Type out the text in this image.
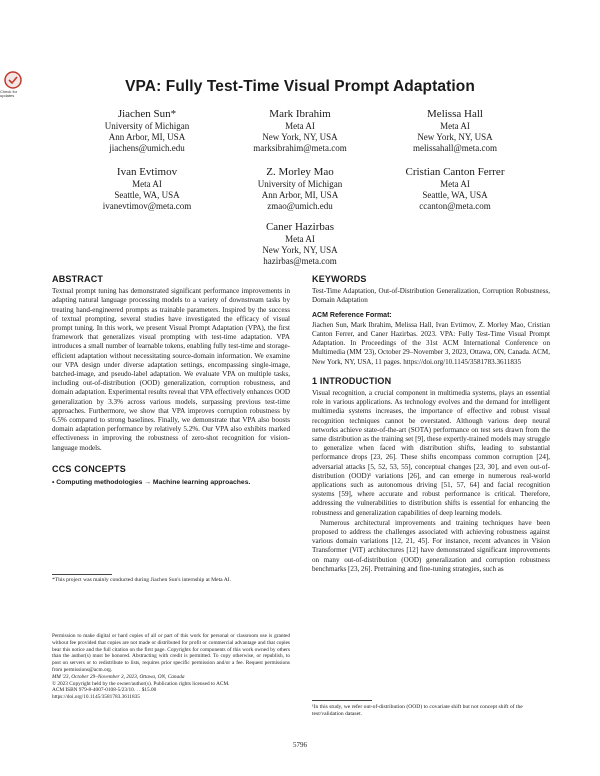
Check for updates
VPA: Fully Test-Time Visual Prompt Adaptation
Jiachen Sun*
University of Michigan
Ann Arbor, MI, USA
jiachens@umich.edu
Mark Ibrahim
Meta AI
New York, NY, USA
marksibrahim@meta.com
Melissa Hall
Meta AI
New York, NY, USA
melissahall@meta.com
Ivan Evtimov
Meta AI
Seattle, WA, USA
ivanevtimov@meta.com
Z. Morley Mao
University of Michigan
Ann Arbor, MI, USA
zmao@umich.edu
Cristian Canton Ferrer
Meta AI
Seattle, WA, USA
ccanton@meta.com
Caner Hazirbas
Meta AI
New York, NY, USA
hazirbas@meta.com
ABSTRACT

Textual prompt tuning has demonstrated significant performance improvements in adapting natural language processing models to a variety of downstream tasks by treating hand-engineered prompts as trainable parameters. Inspired by the success of textual prompting, several studies have investigated the efficacy of visual prompt tuning. In this work, we present Visual Prompt Adaptation (VPA), the first framework that generalizes visual prompting with test-time adaptation. VPA introduces a small number of learnable tokens, enabling fully test-time and storage-efficient adaptation without necessitating source-domain information. We examine our VPA design under diverse adaptation settings, encompassing single-image, batched-image, and pseudo-label adaptation. We evaluate VPA on multiple tasks, including out-of-distribution (OOD) generalization, corruption robustness, and domain adaptation. Experimental results reveal that VPA effectively enhances OOD generalization by 3.3% across various models, surpassing previous test-time approaches. Furthermore, we show that VPA improves corruption robustness by 6.5% compared to strong baselines. Finally, we demonstrate that VPA also boosts domain adaptation performance by relatively 5.2%. Our VPA also exhibits marked effectiveness in improving the robustness of zero-shot recognition for vision-language models.

CCS CONCEPTS

• Computing methodologies → Machine learning approaches.

*This project was mainly conducted during Jiachen Sun's internship at Meta AI.
Permission to make digital or hard copies of all or part of this work for personal or classroom use is granted without fee provided that copies are not made or distributed for profit or commercial advantage and that copies bear this notice and the full citation on the first page. Copyrights for components of this work owned by others than the author(s) must be honored. Abstracting with credit is permitted. To copy otherwise, or republish, to post on servers or to redistribute to lists, requires prior specific permission and/or a fee. Request permissions from permissions@acm.org.
MM '23, October 29–November 3, 2023, Ottawa, ON, Canada
© 2023 Copyright held by the owner/author(s). Publication rights licensed to ACM.
ACM ISBN 979-8-4007-0108-5/23/10. . . $15.00
https://doi.org/10.1145/3581783.3611835
KEYWORDS

Test-Time Adaptation, Out-of-Distribution Generalization, Corruption Robustness, Domain Adaptation

ACM Reference Format:

Jiachen Sun, Mark Ibrahim, Melissa Hall, Ivan Evtimov, Z. Morley Mao, Cristian Canton Ferrer, and Caner Hazirbas. 2023. VPA: Fully Test-Time Visual Prompt Adaptation. In Proceedings of the 31st ACM International Conference on Multimedia (MM '23), October 29–November 3, 2023, Ottawa, ON, Canada. ACM, New York, NY, USA, 11 pages. https://doi.org/10.1145/3581783.3611835

1 INTRODUCTION

Visual recognition, a crucial component in multimedia systems, plays an essential role in various applications. As technology evolves and the demand for intelligent multimedia systems increases, the importance of effective and robust visual recognition techniques cannot be overstated. Although various deep neural networks achieve state-of-the-art (SOTA) performance on test sets drawn from the same distribution as the training set [9], these expertly-trained models may struggle to generalize when faced with distribution shifts, leading to substantial performance drops [23, 26]. These shifts encompass common corruption [24], adversarial attacks [5, 52, 53, 55], conceptual changes [23, 30], and even out-of-distribution (OOD)¹ variations [26], and can emerge in numerous real-world applications such as autonomous driving [51, 57, 64] and facial recognition systems [59], where accurate and robust performance is critical. Therefore, addressing the vulnerabilities to distribution shifts is essential for enhancing the robustness and generalization capabilities of deep learning models.

Numerous architectural improvements and training techniques have been proposed to address the challenges associated with achieving robustness against various domain variations [12, 21, 45]. For instance, recent advances in Vision Transformer (ViT) architectures [12] have demonstrated significant improvements on many out-of-distribution (OOD) generalization and corruption robustness benchmarks [23, 26]. Pretraining and fine-tuning strategies, such as

¹In this study, we refer out-of-distribution (OOD) to covariate shift but not concept shift of the test/validation dataset.
5796
